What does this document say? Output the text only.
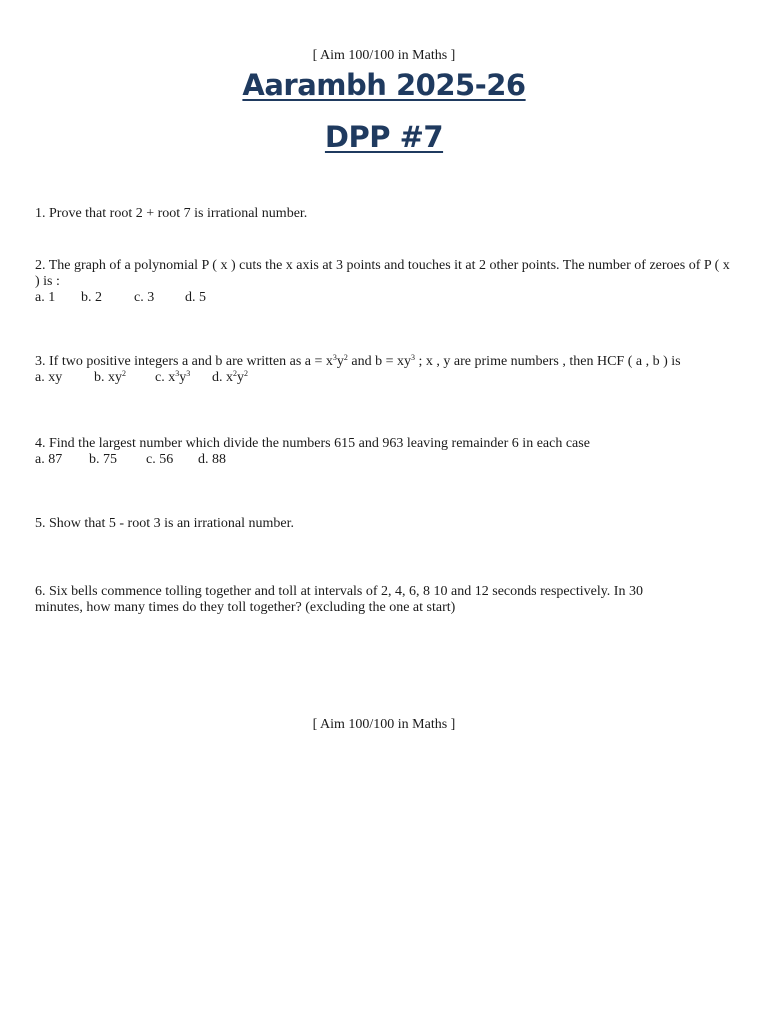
[ Aim 100/100 in Maths ]
Aarambh 2025-26
DPP #7
1. Prove that root 2 + root 7 is irrational number.
2. The graph of a polynomial P ( x ) cuts the x axis at 3 points and touches it at 2 other points. The number of zeroes of P ( x ) is :
a. 1 b. 2 c. 3 d. 5
3. If two positive integers a and b are written as $a = x^3y^2$ and $b = xy^3$ ; x , y are prime numbers , then HCF ( a , b ) is
a. xy b. $xy^2$ c. $x^3y^3$ d. $x^2y^2$
4. Find the largest number which divide the numbers 615 and 963 leaving remainder 6 in each case
a. 87 b. 75 c. 56 d. 88
5. Show that 5 - root 3 is an irrational number.
6. Six bells commence tolling together and toll at intervals of 2, 4, 6, 8 10 and 12 seconds respectively. In 30 minutes, how many times do they toll together? (excluding the one at start)
[ Aim 100/100 in Maths ]
